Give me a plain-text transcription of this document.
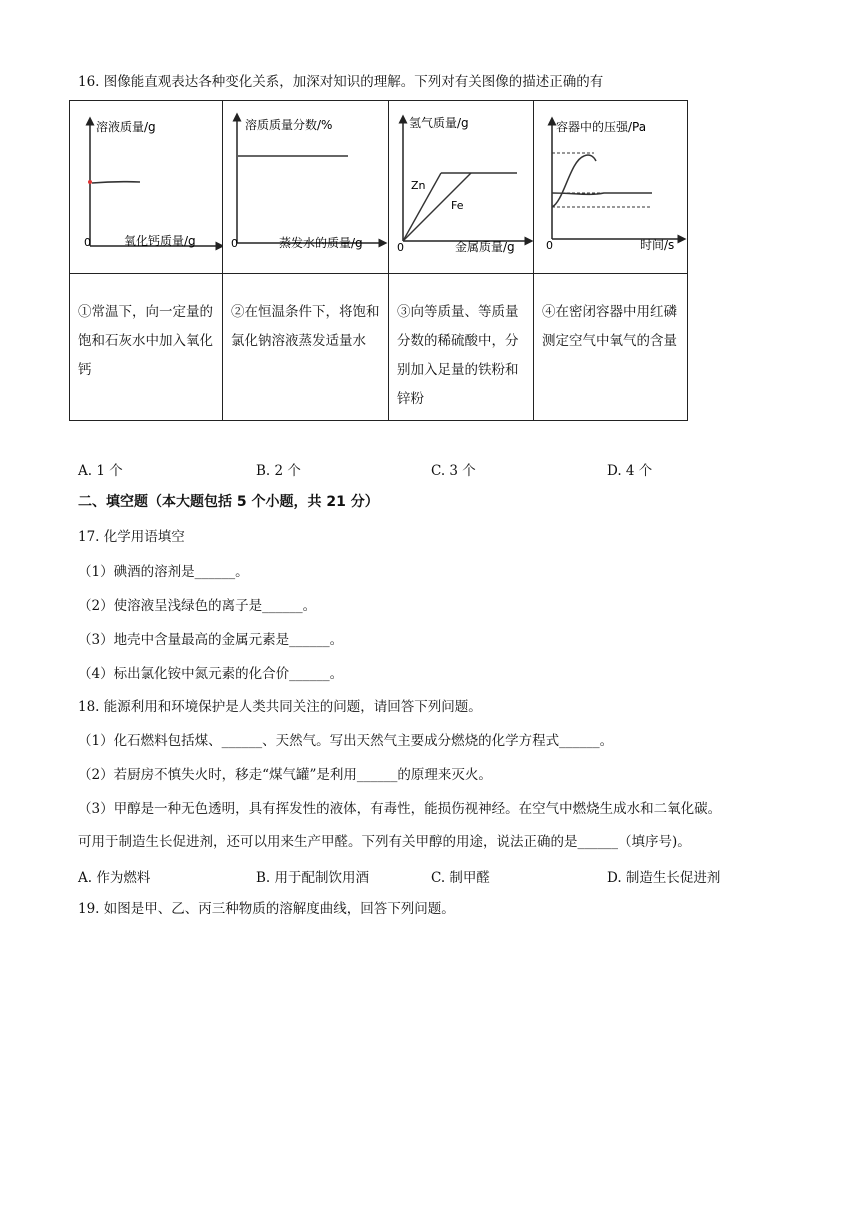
16. 图像能直观表达各种变化关系，加深对知识的理解。下列对有关图像的描述正确的有
溶液质量/g
氧化钙质量/g
0	溶质质量分数/%
蒸发水的质量/g
0	氢气质量/g
Zn
Fe
金属质量/g
0	容器中的压强/Pa
时间/s
0

①常温下，向一定量的饱和石灰水中加入氧化钙	②在恒温条件下，将饱和氯化钠溶液蒸发适量水	③向等质量、等质量分数的稀硫酸中，分别加入足量的铁粉和锌粉	④在密闭容器中用红磷测定空气中氧气的含量
A. 1 个	B. 2 个	C. 3 个	D. 4 个
二、填空题（本大题包括 5 个小题，共 21 分）
17. 化学用语填空
（1）碘酒的溶剂是______。
（2）使溶液呈浅绿色的离子是______。
（3）地壳中含量最高的金属元素是______。
（4）标出氯化铵中氮元素的化合价______。
18. 能源利用和环境保护是人类共同关注的问题，请回答下列问题。
（1）化石燃料包括煤、______、天然气。写出天然气主要成分燃烧的化学方程式______。
（2）若厨房不慎失火时，移走“煤气罐”是利用______的原理来灭火。
（3）甲醇是一种无色透明，具有挥发性的液体，有毒性，能损伤视神经。在空气中燃烧生成水和二氧化碳。
可用于制造生长促进剂，还可以用来生产甲醛。下列有关甲醇的用途，说法正确的是______（填序号)。
A. 作为燃料	B. 用于配制饮用酒	C. 制甲醛	D. 制造生长促进剂
19. 如图是甲、乙、丙三种物质的溶解度曲线，回答下列问题。
